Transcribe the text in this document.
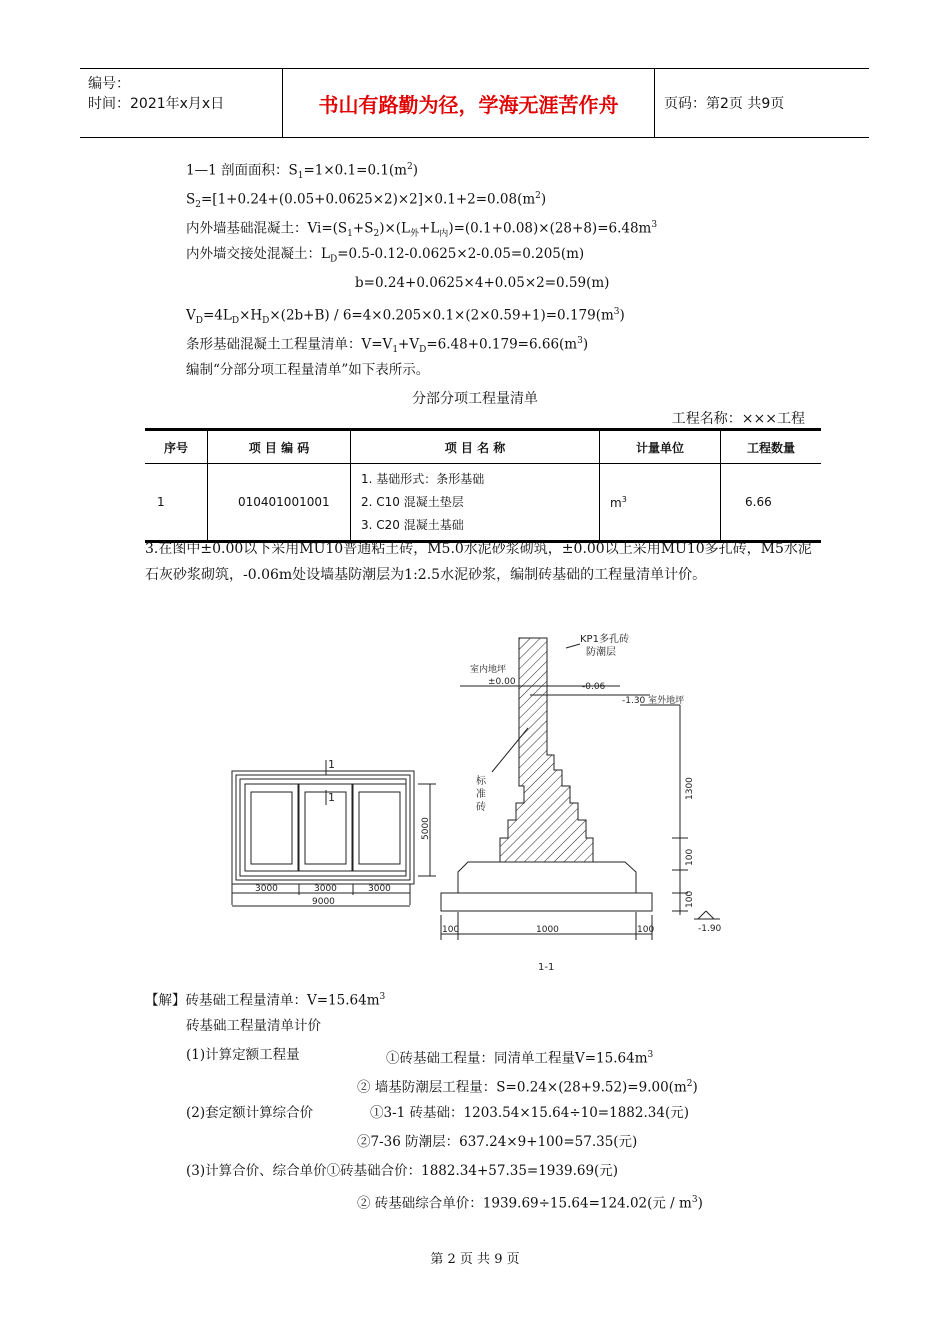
编号：
时间：2021年x月x日	书山有路勤为径，学海无涯苦作舟	页码：第2页 共9页
1—1 剖面面积：$S_1=1\times 0.1=0.1(m^2)$
$S_2=[1+0.24+(0.05+0.0625\times 2)\times 2]\times 0.1+2=0.08(m^2)$
内外墙基础混凝土：$Vi=(S_1+S_2)\times(L_外+L_内)=(0.1+0.08)\times(28+8)=6.48m^3$
内外墙交接处混凝土：$L_D=0.5-0.12-0.0625\times 2-0.05=0.205(m)$
b=0.24+0.0625×4+0.05×2=0.59(m)
$V_D=4L_D\times H_D\times(2b+B) / 6=4\times 0.205\times 0.1\times(2\times 0.59+1)=0.179(m^3)$
条形基础混凝土工程量清单：$V=V_1+V_D=6.48+0.179=6.66(m^3)$
编制“分部分项工程量清单”如下表所示。
分部分项工程量清单
工程名称：×××工程
序号	项 目 编 码	项 目 名 称	计量单位	工程数量
1	010401001001	1. 基础形式：条形基础
2. C10 混凝土垫层
3. C20 混凝土基础	$m^3$	6.66
3.在图中±0.00以下采用MU10普通粘土砖，M5.0水泥砂浆砌筑，±0.00以上采用MU10多孔砖，M5水泥石灰砂浆砌筑，-0.06m处设墙基防潮层为1:2.5水泥砂浆，编制砖基础的工程量清单计价。
1
1
3000	3000	3000
9000
5000
KP1多孔砖
防潮层
室内地坪
±0.00	-0.06
-1.30 室外地坪
标
准
砖
-1.90
1300
100
100
100	1000	100
1-1
【解】砖基础工程量清单：$V=15.64m^3$
砖基础工程量清单计价
(1)计算定额工程量	①砖基础工程量：同清单工程量$V=15.64m^3$
② 墙基防潮层工程量：$S=0.24\times(28+9.52)=9.00(m^2)$
(2)套定额计算综合价	①3-1 砖基础：1203.54×15.64÷10=1882.34(元)
②7-36 防潮层：637.24×9+100=57.35(元)
(3)计算合价、综合单价①砖基础合价：1882.34+57.35=1939.69(元)
② 砖基础综合单价：1939.69÷15.64=124.02(元 / $m^3$)
第 2 页 共 9 页
